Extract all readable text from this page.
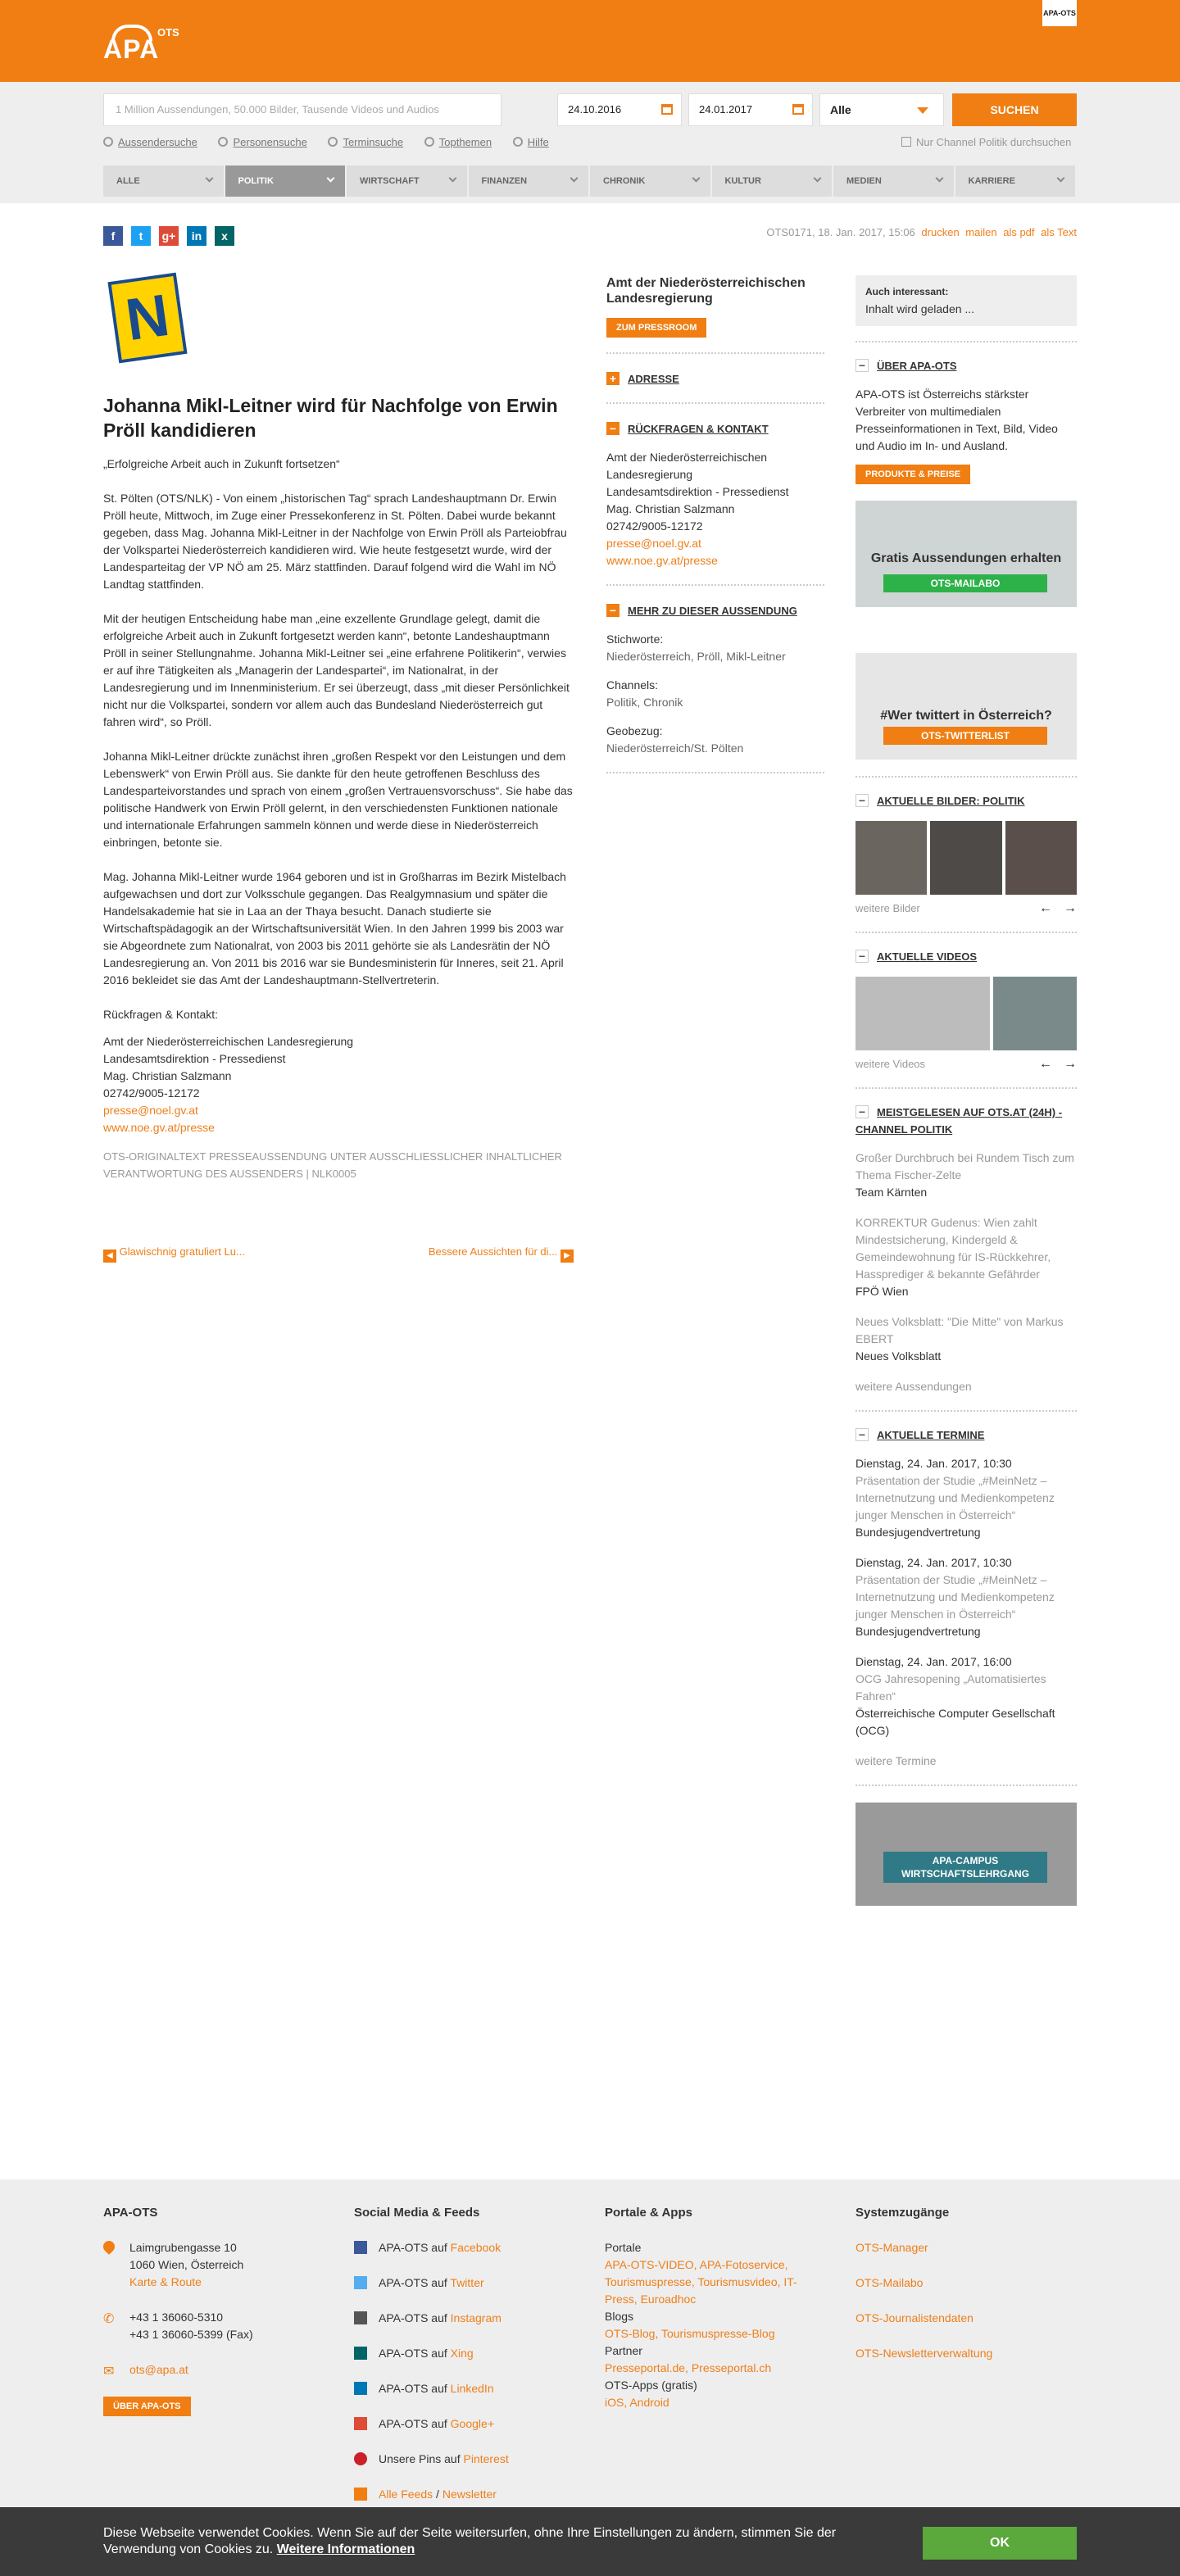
APA
OTS
APA-OTS
1 Million Aussendungen, 50.000 Bilder, Tausende Videos und Audios	24.10.2016	24.01.2017	Alle	SUCHEN
Aussendersuche	Personensuche	Terminsuche	Topthemen	Hilfe	Nur Channel Politik durchsuchen
ALLE	POLITIK	WIRTSCHAFT	FINANZEN	CHRONIK	KULTUR	MEDIEN	KARRIERE
f	t	g+	in	x	OTS0171, 18. Jan. 2017, 15:06 drucken mailen als pdf als Text
N
Johanna Mikl-Leitner wird für Nachfolge von Erwin Pröll kandidieren

„Erfolgreiche Arbeit auch in Zukunft fortsetzen“

St. Pölten (OTS/NLK) - Von einem „historischen Tag“ sprach Landeshauptmann Dr. Erwin Pröll heute, Mittwoch, im Zuge einer Pressekonferenz in St. Pölten. Dabei wurde bekannt gegeben, dass Mag. Johanna Mikl-Leitner in der Nachfolge von Erwin Pröll als Parteiobfrau der Volkspartei Niederösterreich kandidieren wird. Wie heute festgesetzt wurde, wird der Landesparteitag der VP NÖ am 25. März stattfinden. Darauf folgend wird die Wahl im NÖ Landtag stattfinden.

Mit der heutigen Entscheidung habe man „eine exzellente Grundlage gelegt, damit die erfolgreiche Arbeit auch in Zukunft fortgesetzt werden kann“, betonte Landeshauptmann Pröll in seiner Stellungnahme. Johanna Mikl-Leitner sei „eine erfahrene Politikerin“, verwies er auf ihre Tätigkeiten als „Managerin der Landespartei“, im Nationalrat, in der Landesregierung und im Innenministerium. Er sei überzeugt, dass „mit dieser Persönlichkeit nicht nur die Volkspartei, sondern vor allem auch das Bundesland Niederösterreich gut fahren wird“, so Pröll.

Johanna Mikl-Leitner drückte zunächst ihren „großen Respekt vor den Leistungen und dem Lebenswerk“ von Erwin Pröll aus. Sie dankte für den heute getroffenen Beschluss des Landesparteivorstandes und sprach von einem „großen Vertrauensvorschuss“. Sie habe das politische Handwerk von Erwin Pröll gelernt, in den verschiedensten Funktionen nationale und internationale Erfahrungen sammeln können und werde diese in Niederösterreich einbringen, betonte sie.

Mag. Johanna Mikl-Leitner wurde 1964 geboren und ist in Großharras im Bezirk Mistelbach aufgewachsen und dort zur Volksschule gegangen. Das Realgymnasium und später die Handelsakademie hat sie in Laa an der Thaya besucht. Danach studierte sie Wirtschaftspädagogik an der Wirtschaftsuniversität Wien. In den Jahren 1999 bis 2003 war sie Abgeordnete zum Nationalrat, von 2003 bis 2011 gehörte sie als Landesrätin der NÖ Landesregierung an. Von 2011 bis 2016 war sie Bundesministerin für Inneres, seit 21. April 2016 bekleidet sie das Amt der Landeshauptmann-Stellvertreterin.

Rückfragen & Kontakt:

Amt der Niederösterreichischen Landesregierung
Landesamtsdirektion - Pressedienst
Mag. Christian Salzmann
02742/9005-12172
presse@noel.gv.at
www.noe.gv.at/presse
OTS-ORIGINALTEXT PRESSEAUSSENDUNG UNTER AUSSCHLIESSLICHER INHALTLICHER VERANTWORTUNG DES AUSSENDERS | NLK0005
◀ Glawischnig gratuliert Lu...	Bessere Aussichten für di... ▶
Amt der Niederösterreichischen Landesregierung
ZUM PRESSROOM
+ ADRESSE
− RÜCKFRAGEN & KONTAKT
Amt der Niederösterreichischen Landesregierung
Landesamtsdirektion - Pressedienst
Mag. Christian Salzmann
02742/9005-12172
presse@noel.gv.at
www.noe.gv.at/presse
− MEHR ZU DIESER AUSSENDUNG
Stichworte:
Niederösterreich, Pröll, Mikl-Leitner
Channels:
Politik, Chronik
Geobezug:
Niederösterreich/St. Pölten
Auch interessant:
Inhalt wird geladen ...
− ÜBER APA-OTS
APA-OTS ist Österreichs stärkster Verbreiter von multimedialen Presseinformationen in Text, Bild, Video und Audio im In- und Ausland.
PRODUKTE & PREISE
Gratis Aussendungen erhalten
OTS-MAILABO
#Wer twittert in Österreich?
OTS-TWITTERLIST
− AKTUELLE BILDER: POLITIK
weitere Bilder	← →
− AKTUELLE VIDEOS
weitere Videos	← →
− MEISTGELESEN AUF OTS.AT (24H) - CHANNEL POLITIK
Großer Durchbruch bei Rundem Tisch zum Thema Fischer-Zelte
Team Kärnten
KORREKTUR Gudenus: Wien zahlt Mindestsicherung, Kindergeld & Gemeindewohnung für IS-Rückkehrer, Hassprediger & bekannte Gefährder
FPÖ Wien
Neues Volksblatt: "Die Mitte" von Markus EBERT
Neues Volksblatt
weitere Aussendungen
− AKTUELLE TERMINE
Dienstag, 24. Jan. 2017, 10:30
Präsentation der Studie „#MeinNetz – Internetnutzung und Medienkompetenz junger Menschen in Österreich“
Bundesjugendvertretung
Dienstag, 24. Jan. 2017, 10:30
Präsentation der Studie „#MeinNetz – Internetnutzung und Medienkompetenz junger Menschen in Österreich“
Bundesjugendvertretung
Dienstag, 24. Jan. 2017, 16:00
OCG Jahresopening „Automatisiertes Fahren“
Österreichische Computer Gesellschaft (OCG)
weitere Termine
APA-CAMPUS WIRTSCHAFTSLEHRGANG
APA-OTS
Laimgrubengasse 10
1060 Wien, Österreich
Karte & Route
✆ +43 1 36060-5310
+43 1 36060-5399 (Fax)
✉ ots@apa.at
ÜBER APA-OTS
Social Media & Feeds
APA-OTS auf Facebook
APA-OTS auf Twitter
APA-OTS auf Instagram
APA-OTS auf Xing
APA-OTS auf LinkedIn
APA-OTS auf Google+
Unsere Pins auf Pinterest
Alle Feeds / Newsletter
Portale & Apps
Portale
APA-OTS-VIDEO, APA-Fotoservice, Tourismuspresse, Tourismusvideo, IT-Press, Euroadhoc
Blogs
OTS-Blog, Tourismuspresse-Blog
Partner
Presseportal.de, Presseportal.ch
OTS-Apps (gratis)
iOS, Android
Systemzugänge
OTS-Manager
OTS-Mailabo
OTS-Journalistendaten
OTS-Newsletterverwaltung
Diese Webseite verwendet Cookies. Wenn Sie auf der Seite weitersurfen, ohne Ihre Einstellungen zu ändern, stimmen Sie der Verwendung von Cookies zu. Weitere Informationen	OK
